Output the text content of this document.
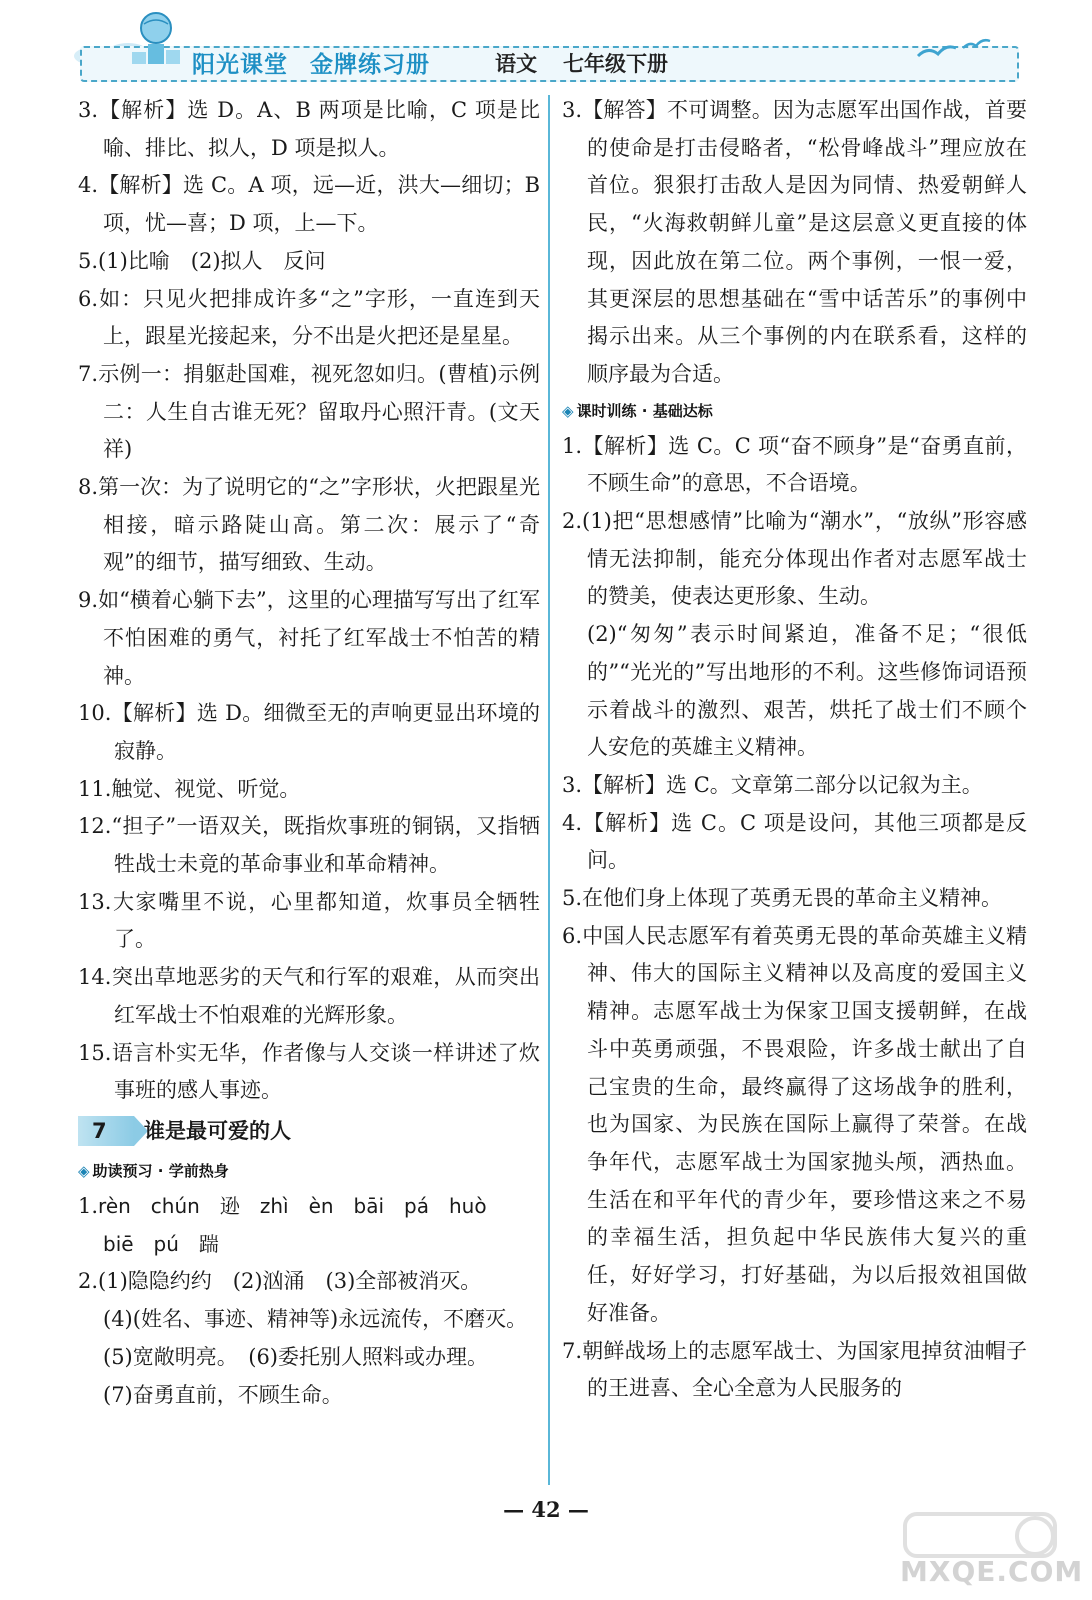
阳光课堂 金牌练习册	语文 七年级下册

3.【解析】选 D。A、B 两项是比喻，C 项是比喻、排比、拟人，D 项是拟人。

4.【解析】选 C。A 项，远—近，洪大—细切；B 项，忧—喜；D 项，上—下。

5.(1)比喻　(2)拟人　反问

6.如：只见火把排成许多“之”字形，一直连到天上，跟星光接起来，分不出是火把还是星星。

7.示例一：捐躯赴国难，视死忽如归。(曹植)示例二：人生自古谁无死？留取丹心照汗青。(文天祥)

8.第一次：为了说明它的“之”字形状，火把跟星光相接，暗示路陡山高。第二次：展示了“奇观”的细节，描写细致、生动。

9.如“横着心躺下去”，这里的心理描写写出了红军不怕困难的勇气，衬托了红军战士不怕苦的精神。

10.【解析】选 D。细微至无的声响更显出环境的寂静。

11.触觉、视觉、听觉。

12.“担子”一语双关，既指炊事班的铜锅，又指牺牲战士未竟的革命事业和革命精神。

13.大家嘴里不说，心里都知道，炊事员全牺牲了。

14.突出草地恶劣的天气和行军的艰难，从而突出红军战士不怕艰难的光辉形象。

15.语言朴实无华，作者像与人交谈一样讲述了炊事班的感人事迹。

7 谁是最可爱的人

◈ 助读预习 · 学前热身

1.rèn　chún　逊　zhì　èn　bāi　pá　huò

biē　pú　踹

2.(1)隐隐约约　(2)汹涌　(3)全部被消灭。

(4)(姓名、事迹、精神等)永远流传，不磨灭。

(5)宽敞明亮。　(6)委托别人照料或办理。

(7)奋勇直前，不顾生命。

3.【解答】不可调整。因为志愿军出国作战，首要的使命是打击侵略者，“松骨峰战斗”理应放在首位。狠狠打击敌人是因为同情、热爱朝鲜人民，“火海救朝鲜儿童”是这层意义更直接的体现，因此放在第二位。两个事例，一恨一爱，其更深层的思想基础在“雪中话苦乐”的事例中揭示出来。从三个事例的内在联系看，这样的顺序最为合适。

◈ 课时训练 · 基础达标

1.【解析】选 C。C 项“奋不顾身”是“奋勇直前，不顾生命”的意思，不合语境。

2.(1)把“思想感情”比喻为“潮水”，“放纵”形容感情无法抑制，能充分体现出作者对志愿军战士的赞美，使表达更形象、生动。

(2)“匆匆”表示时间紧迫，准备不足；“很低的”“光光的”写出地形的不利。这些修饰词语预示着战斗的激烈、艰苦，烘托了战士们不顾个人安危的英雄主义精神。

3.【解析】选 C。文章第二部分以记叙为主。

4.【解析】选 C。C 项是设问，其他三项都是反问。

5.在他们身上体现了英勇无畏的革命主义精神。

6.中国人民志愿军有着英勇无畏的革命英雄主义精神、伟大的国际主义精神以及高度的爱国主义精神。志愿军战士为保家卫国支援朝鲜，在战斗中英勇顽强，不畏艰险，许多战士献出了自己宝贵的生命，最终赢得了这场战争的胜利，也为国家、为民族在国际上赢得了荣誉。在战争年代，志愿军战士为国家抛头颅，洒热血。生活在和平年代的青少年，要珍惜这来之不易的幸福生活，担负起中华民族伟大复兴的重任，好好学习，打好基础，为以后报效祖国做好准备。

7.朝鲜战场上的志愿军战士、为国家甩掉贫油帽子的王进喜、全心全意为人民服务的

— 42 —
MXQE.COM
